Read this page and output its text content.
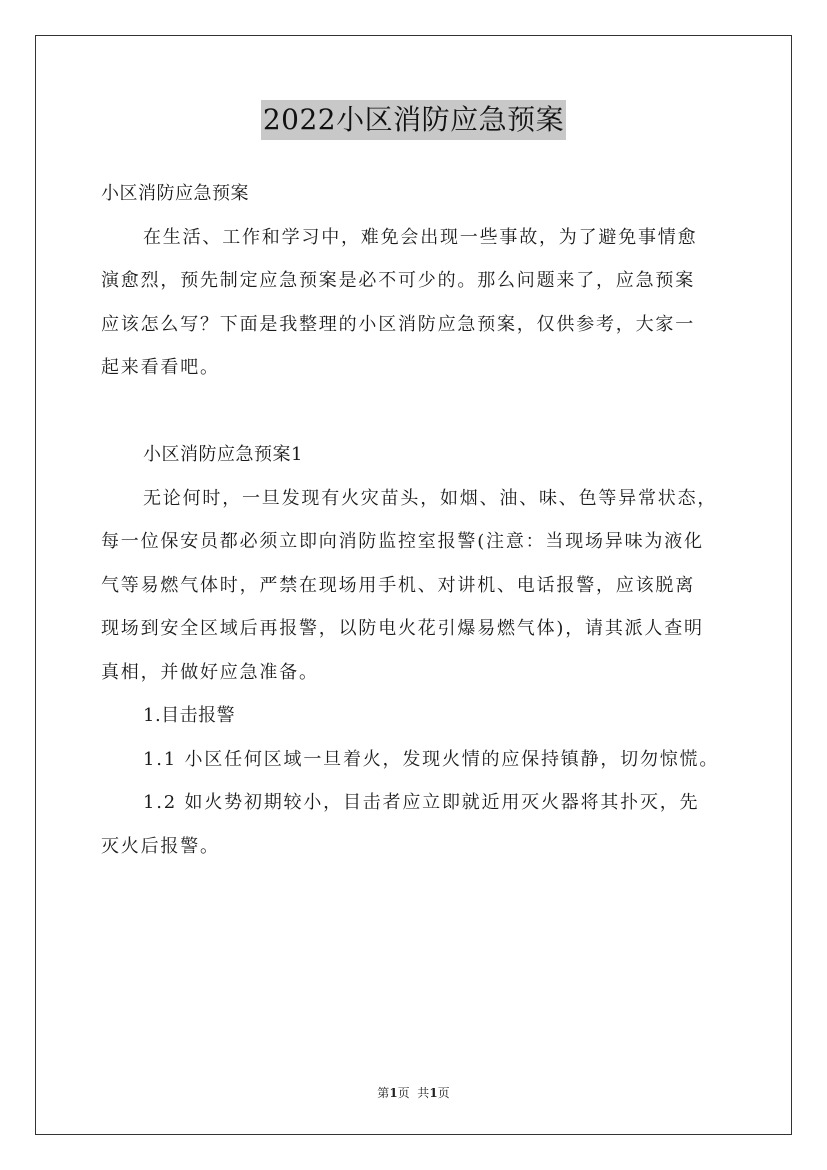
2022小区消防应急预案
小区消防应急预案
在生活、工作和学习中，难免会出现一些事故，为了避免事情愈
演愈烈，预先制定应急预案是必不可少的。那么问题来了，应急预案
应该怎么写？下面是我整理的小区消防应急预案，仅供参考，大家一
起来看看吧。
小区消防应急预案1
无论何时，一旦发现有火灾苗头，如烟、油、味、色等异常状态，
每一位保安员都必须立即向消防监控室报警(注意：当现场异味为液化
气等易燃气体时，严禁在现场用手机、对讲机、电话报警，应该脱离
现场到安全区域后再报警，以防电火花引爆易燃气体)，请其派人查明
真相，并做好应急准备。
1.目击报警
1.1 小区任何区域一旦着火，发现火情的应保持镇静，切勿惊慌。
1.2 如火势初期较小，目击者应立即就近用灭火器将其扑灭，先
灭火后报警。
第1页  共1页
